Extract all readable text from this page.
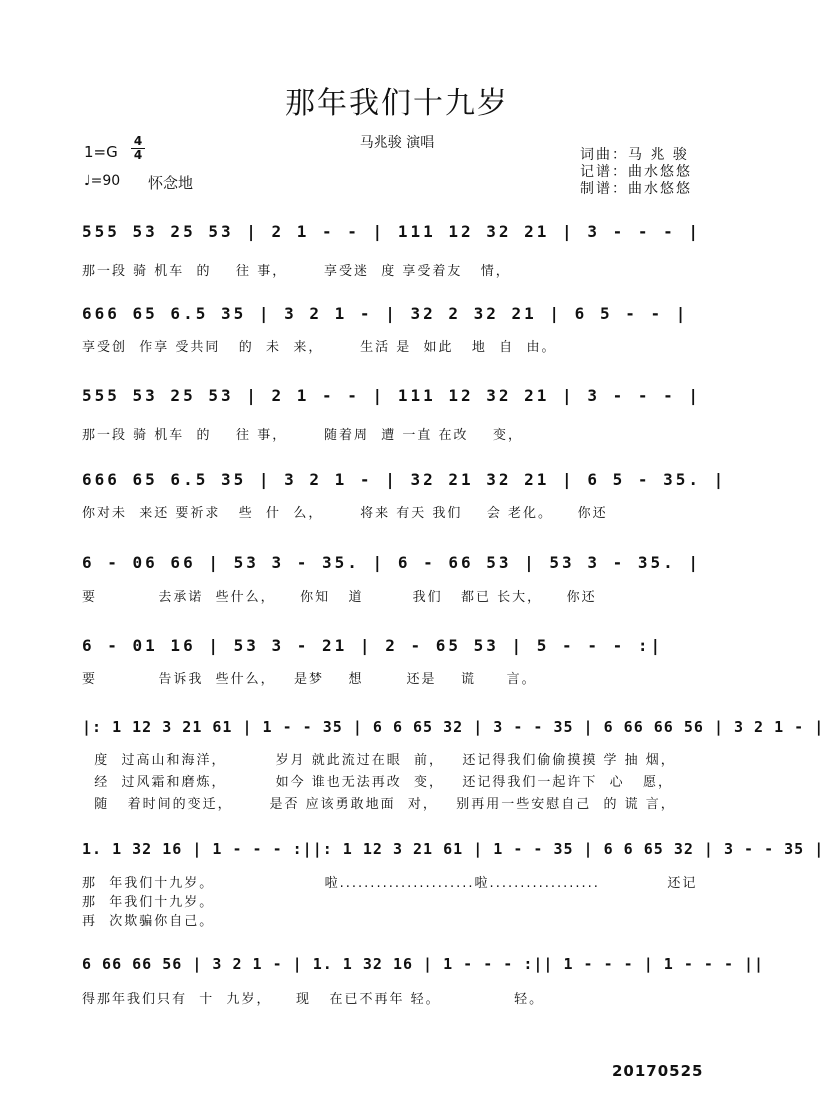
那年我们十九岁
马兆骏 演唱
词曲：马 兆 骏
记谱：曲水悠悠
制谱：曲水悠悠
1=G
4
4
♩=90 怀念地
555 53 25 53 | 2 1 - - | 111 12 32 21 | 3 - - - |
那一段 骑 机车  的    往 事，      享受迷  度 享受着友   情，
666 65 6.5 35 | 3 2 1 - | 32 2 32 21 | 6 5 - - |
享受创  作享 受共同   的  未  来，      生活 是  如此   地  自  由。
555 53 25 53 | 2 1 - - | 111 12 32 21 | 3 - - - |
那一段 骑 机车  的    往 事，      随着周  遭 一直 在改    变，
666 65 6.5 35 | 3 2 1 - | 32 21 32 21 | 6 5 - 35. |
你对未  来还 要祈求   些  什  么，      将来 有天 我们    会 老化。    你还
6 - 06 66 | 53 3 - 35. | 6 - 66 53 | 53 3 - 35. |
要          去承诺  些什么，    你知   道        我们   都已 长大，    你还
6 - 01 16 | 53 3 - 21 | 2 - 65 53 | 5 - - - :|
要          告诉我  些什么，   是梦    想       还是    谎     言。
|: 1 12 3 21 61 | 1 - - 35 | 6 6 65 32 | 3 - - 35 | 6 66 66 56 | 3 2 1 - |
度  过高山和海洋，        岁月 就此流过在眼  前，   还记得我们偷偷摸摸 学 抽 烟，
经  过风霜和磨炼，        如今 谁也无法再改  变，   还记得我们一起许下  心   愿，
随   着时间的变迁，      是否 应该勇敢地面  对，   别再用一些安慰自己  的 谎 言，
1. 1 32 16 | 1 - - - :||: 1 12 3 21 61 | 1 - - 35 | 6 6 65 32 | 3 - - 35 |
那  年我们十九岁。                  啦......................啦..................           还记
那  年我们十九岁。
再  次欺骗你自己。
6 66 66 56 | 3 2 1 - | 1. 1 32 16 | 1 - - - :|| 1 - - - | 1 - - - ||
得那年我们只有  十  九岁，    现   在已不再年 轻。            轻。
20170525
